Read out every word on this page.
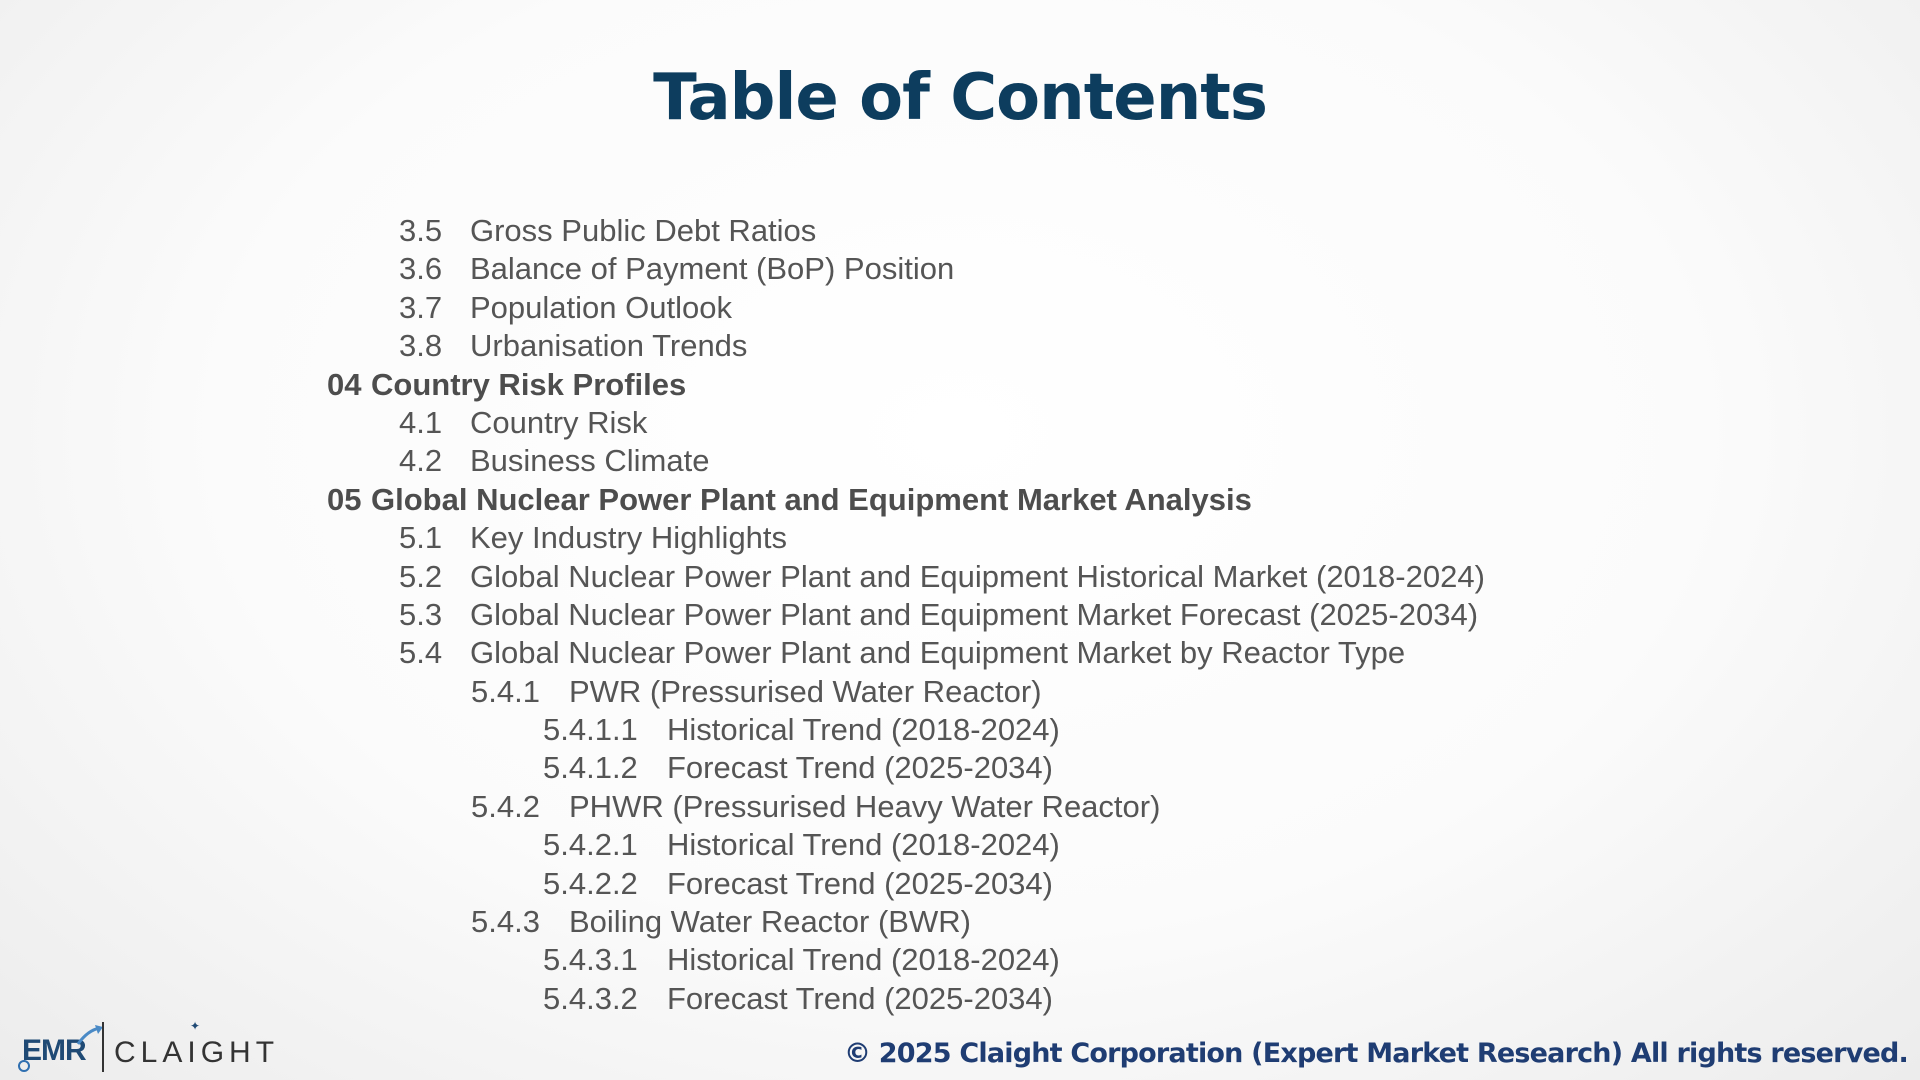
Table of Contents
3.5 Gross Public Debt Ratios
3.6 Balance of Payment (BoP) Position
3.7 Population Outlook
3.8 Urbanisation Trends
04 Country Risk Profiles
4.1 Country Risk
4.2 Business Climate
05 Global Nuclear Power Plant and Equipment Market Analysis
5.1 Key Industry Highlights
5.2 Global Nuclear Power Plant and Equipment Historical Market (2018-2024)
5.3 Global Nuclear Power Plant and Equipment Market Forecast (2025-2034)
5.4 Global Nuclear Power Plant and Equipment Market by Reactor Type
5.4.1 PWR (Pressurised Water Reactor)
5.4.1.1 Historical Trend (2018-2024)
5.4.1.2 Forecast Trend (2025-2034)
5.4.2 PHWR (Pressurised Heavy Water Reactor)
5.4.2.1 Historical Trend (2018-2024)
5.4.2.2 Forecast Trend (2025-2034)
5.4.3 Boiling Water Reactor (BWR)
5.4.3.1 Historical Trend (2018-2024)
5.4.3.2 Forecast Trend (2025-2034)
EMR
✦
CLAIGHT	© 2025 Claight Corporation (Expert Market Research) All rights reserved.
